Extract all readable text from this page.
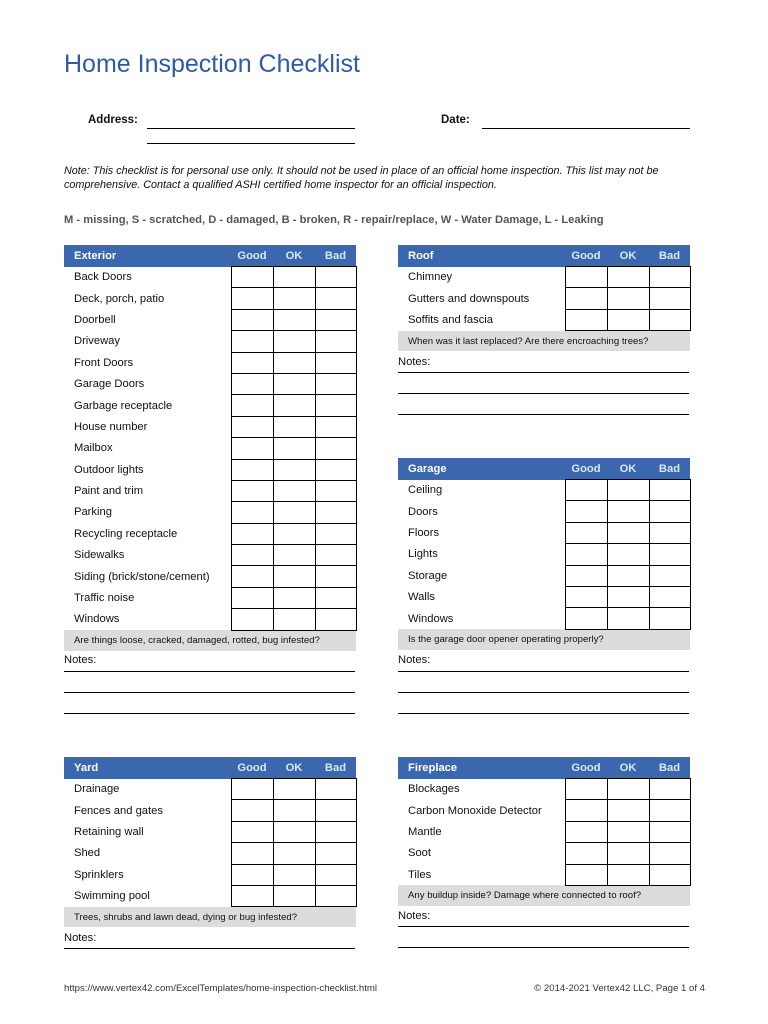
Home Inspection Checklist
Address:	Date:
Note: This checklist is for personal use only. It should not be used in place of an official home inspection. This list may not be comprehensive. Contact a qualified ASHI certified home inspector for an official inspection.
M - missing, S - scratched, D - damaged, B - broken, R - repair/replace, W - Water Damage, L - Leaking
Exterior	Good	OK	Bad
Back Doors			
Deck, porch, patio			
Doorbell			
Driveway			
Front Doors			
Garage Doors			
Garbage receptacle			
House number			
Mailbox			
Outdoor lights			
Paint and trim			
Parking			
Recycling receptacle			
Sidewalks			
Siding (brick/stone/cement)			
Traffic noise			
Windows			
Are things loose, cracked, damaged, rotted, bug infested?			
Notes:
Roof	Good	OK	Bad
Chimney			
Gutters and downspouts			
Soffits and fascia			
When was it last replaced? Are there encroaching trees?			
Notes:
Garage	Good	OK	Bad
Ceiling			
Doors			
Floors			
Lights			
Storage			
Walls			
Windows			
Is the garage door opener operating properly?			
Notes:
Yard	Good	OK	Bad
Drainage			
Fences and gates			
Retaining wall			
Shed			
Sprinklers			
Swimming pool			
Trees, shrubs and lawn dead, dying or bug infested?			
Notes:
Fireplace	Good	OK	Bad
Blockages			
Carbon Monoxide Detector			
Mantle			
Soot			
Tiles			
Any buildup inside? Damage where connected to roof?			
Notes:
https://www.vertex42.com/ExcelTemplates/home-inspection-checklist.html	© 2014-2021 Vertex42 LLC, Page 1 of 4
